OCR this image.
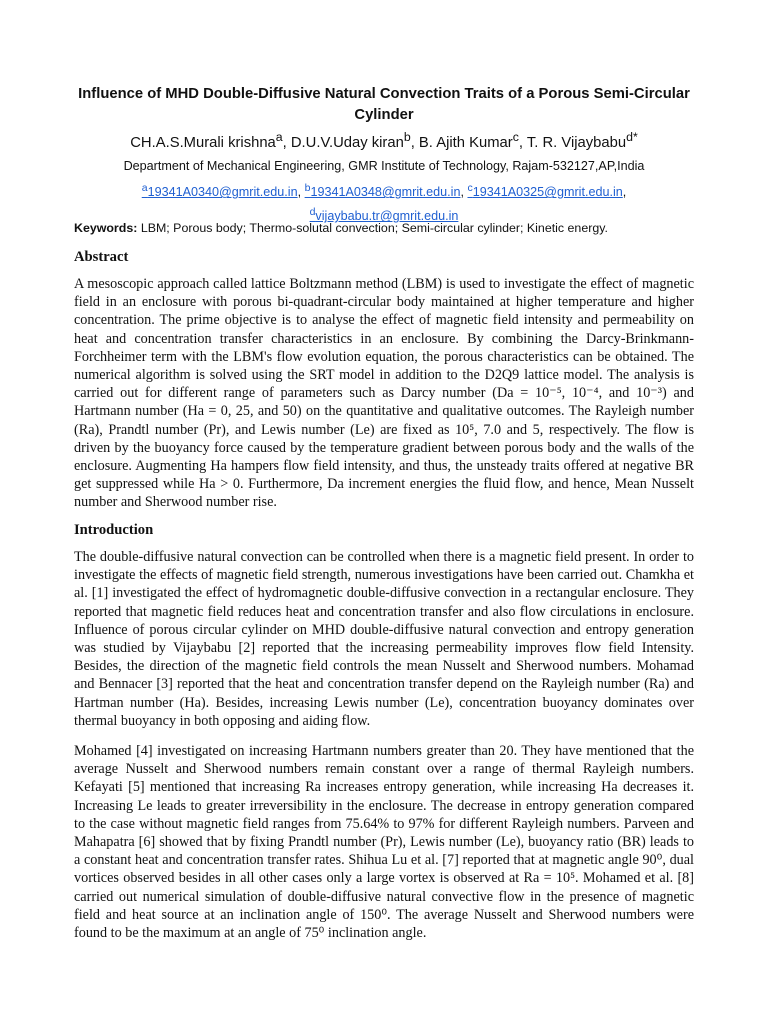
Influence of MHD Double-Diffusive Natural Convection Traits of a Porous Semi-Circular Cylinder
CH.A.S.Murali krishna$^a$, D.U.V.Uday kiran$^b$, B. Ajith Kumar$^c$, T. R. Vijaybabu$^{d*}$
Department of Mechanical Engineering, GMR Institute of Technology, Rajam-532127,AP,India
$^a$19341A0340@gmrit.edu.in, $^b$19341A0348@gmrit.edu.in, $^c$19341A0325@gmrit.edu.in,
$^d$vijaybabu.tr@gmrit.edu.in
Keywords: LBM; Porous body; Thermo-solutal convection; Semi-circular cylinder; Kinetic energy.
Abstract

A mesoscopic approach called lattice Boltzmann method (LBM) is used to investigate the effect of magnetic field in an enclosure with porous bi-quadrant-circular body maintained at higher temperature and higher concentration. The prime objective is to analyse the effect of magnetic field intensity and permeability on heat and concentration transfer characteristics in an enclosure. By combining the Darcy-Brinkmann-Forchheimer term with the LBM's flow evolution equation, the porous characteristics can be obtained. The numerical algorithm is solved using the SRT model in addition to the D2Q9 lattice model. The analysis is carried out for different range of parameters such as Darcy number (Da = 10⁻⁵, 10⁻⁴, and 10⁻³) and Hartmann number (Ha = 0, 25, and 50) on the quantitative and qualitative outcomes. The Rayleigh number (Ra), Prandtl number (Pr), and Lewis number (Le) are fixed as 10⁵, 7.0 and 5, respectively. The flow is driven by the buoyancy force caused by the temperature gradient between porous body and the walls of the enclosure. Augmenting Ha hampers flow field intensity, and thus, the unsteady traits offered at negative BR get suppressed while Ha > 0. Furthermore, Da increment energies the fluid flow, and hence, Mean Nusselt number and Sherwood number rise.

Introduction

The double-diffusive natural convection can be controlled when there is a magnetic field present. In order to investigate the effects of magnetic field strength, numerous investigations have been carried out. Chamkha et al. [1] investigated the effect of hydromagnetic double-diffusive convection in a rectangular enclosure. They reported that magnetic field reduces heat and concentration transfer and also flow circulations in enclosure. Influence of porous circular cylinder on MHD double-diffusive natural convection and entropy generation was studied by Vijaybabu [2] reported that the increasing permeability improves flow field Intensity. Besides, the direction of the magnetic field controls the mean Nusselt and Sherwood numbers. Mohamad and Bennacer [3] reported that the heat and concentration transfer depend on the Rayleigh number (Ra) and Hartman number (Ha). Besides, increasing Lewis number (Le), concentration buoyancy dominates over thermal buoyancy in both opposing and aiding flow.

Mohamed [4] investigated on increasing Hartmann numbers greater than 20. They have mentioned that the average Nusselt and Sherwood numbers remain constant over a range of thermal Rayleigh numbers. Kefayati [5] mentioned that increasing Ra increases entropy generation, while increasing Ha decreases it. Increasing Le leads to greater irreversibility in the enclosure. The decrease in entropy generation compared to the case without magnetic field ranges from 75.64% to 97% for different Rayleigh numbers. Parveen and Mahapatra [6] showed that by fixing Prandtl number (Pr), Lewis number (Le), buoyancy ratio (BR) leads to a constant heat and concentration transfer rates. Shihua Lu et al. [7] reported that at magnetic angle 90⁰, dual vortices observed besides in all other cases only a large vortex is observed at Ra = 10⁵. Mohamed et al. [8] carried out numerical simulation of double-diffusive natural convective flow in the presence of magnetic field and heat source at an inclination angle of 150⁰. The average Nusselt and Sherwood numbers were found to be the maximum at an angle of 75⁰ inclination angle.
